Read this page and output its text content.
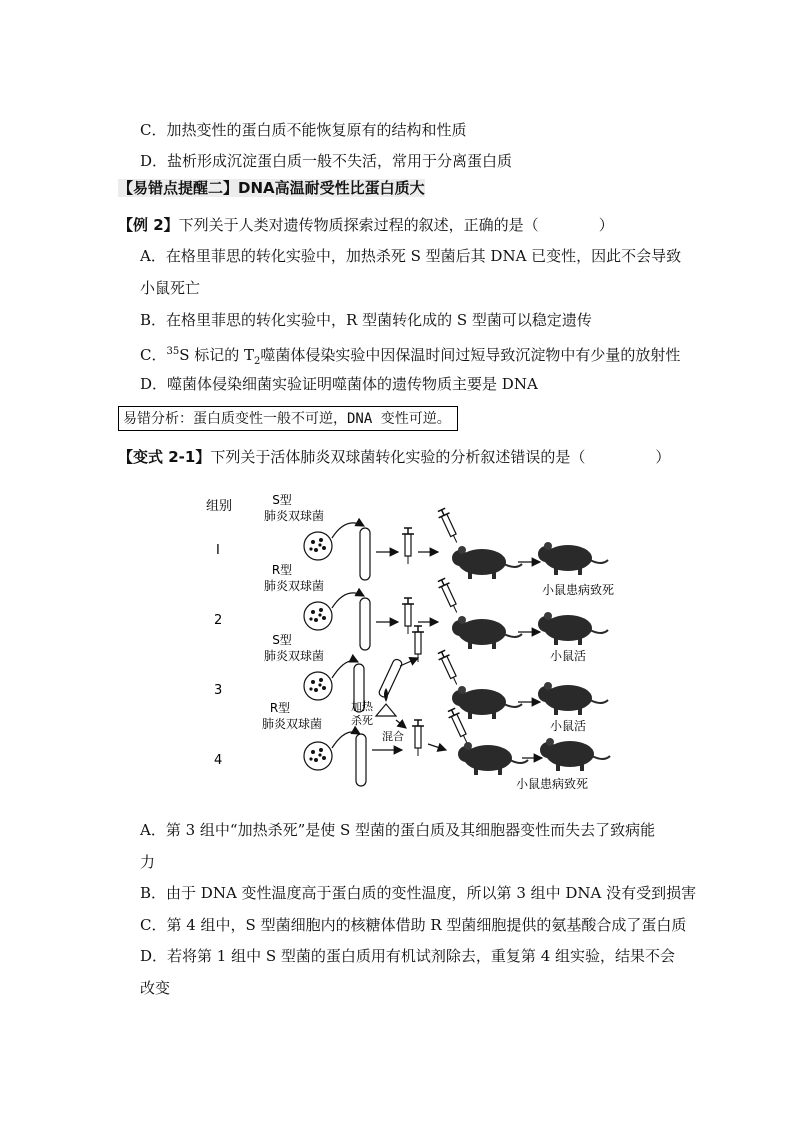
C．加热变性的蛋白质不能恢复原有的结构和性质
D．盐析形成沉淀蛋白质一般不失活，常用于分离蛋白质
【易错点提醒二】DNA高温耐受性比蛋白质大
【例 2】下列关于人类对遗传物质探索过程的叙述，正确的是（	）
A．在格里菲思的转化实验中，加热杀死 S 型菌后其 DNA 已变性，因此不会导致
小鼠死亡
B．在格里菲思的转化实验中，R 型菌转化成的 S 型菌可以稳定遗传
C．$^{35}$S 标记的 $T_2$噬菌体侵染实验中因保温时间过短导致沉淀物中有少量的放射性
D．噬菌体侵染细菌实验证明噬菌体的遗传物质主要是 DNA
易错分析：蛋白质变性一般不可逆，DNA 变性可逆。
【变式 2-1】下列关于活体肺炎双球菌转化实验的分析叙述错误的是（	）
组别
I
2
3
4
S型
肺炎双球菌
小鼠患病致死
R型
肺炎双球菌
小鼠活
S型
肺炎双球菌
加热
杀死	小鼠活
R型
肺炎双球菌
混合
小鼠患病致死
A．第 3 组中“加热杀死”是使 S 型菌的蛋白质及其细胞器变性而失去了致病能
力
B．由于 DNA 变性温度高于蛋白质的变性温度，所以第 3 组中 DNA 没有受到损害
C．第 4 组中，S 型菌细胞内的核糖体借助 R 型菌细胞提供的氨基酸合成了蛋白质
D．若将第 1 组中 S 型菌的蛋白质用有机试剂除去，重复第 4 组实验，结果不会
改变
